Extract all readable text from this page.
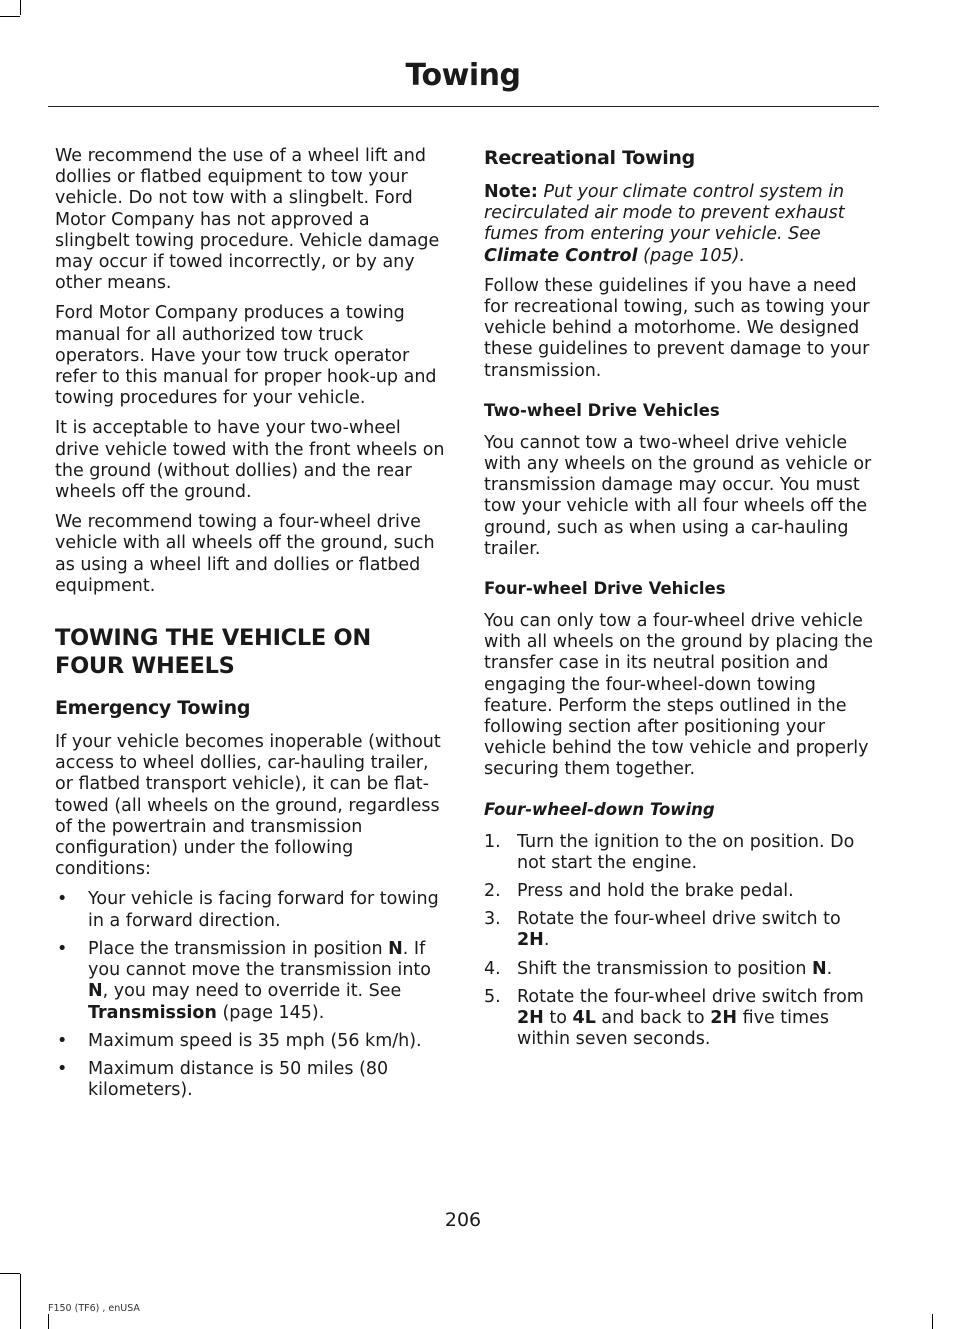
Towing

We recommend the use of a wheel lift and dollies or flatbed equipment to tow your vehicle. Do not tow with a slingbelt. Ford Motor Company has not approved a slingbelt towing procedure. Vehicle damage may occur if towed incorrectly, or by any other means.

Ford Motor Company produces a towing manual for all authorized tow truck operators. Have your tow truck operator refer to this manual for proper hook-up and towing procedures for your vehicle.

It is acceptable to have your two-wheel drive vehicle towed with the front wheels on the ground (without dollies) and the rear wheels off the ground.

We recommend towing a four-wheel drive vehicle with all wheels off the ground, such as using a wheel lift and dollies or flatbed equipment.

TOWING THE VEHICLE ON FOUR WHEELS
Emergency Towing

If your vehicle becomes inoperable (without access to wheel dollies, car-hauling trailer, or flatbed transport vehicle), it can be flat-towed (all wheels on the ground, regardless of the powertrain and transmission configuration) under the following conditions:

• Your vehicle is facing forward for towing in a forward direction.
• Place the transmission in position N. If you cannot move the transmission into N, you may need to override it. See Transmission (page 145).
• Maximum speed is 35 mph (56 km/h).
• Maximum distance is 50 miles (80 kilometers).
Recreational Towing

Note: Put your climate control system in recirculated air mode to prevent exhaust fumes from entering your vehicle. See Climate Control (page 105).

Follow these guidelines if you have a need for recreational towing, such as towing your vehicle behind a motorhome. We designed these guidelines to prevent damage to your transmission.

Two-wheel Drive Vehicles

You cannot tow a two-wheel drive vehicle with any wheels on the ground as vehicle or transmission damage may occur. You must tow your vehicle with all four wheels off the ground, such as when using a car-hauling trailer.

Four-wheel Drive Vehicles

You can only tow a four-wheel drive vehicle with all wheels on the ground by placing the transfer case in its neutral position and engaging the four-wheel-down towing feature. Perform the steps outlined in the following section after positioning your vehicle behind the tow vehicle and properly securing them together.

Four-wheel-down Towing
1. Turn the ignition to the on position. Do not start the engine.
2. Press and hold the brake pedal.
3. Rotate the four-wheel drive switch to 2H.
4. Shift the transmission to position N.
5. Rotate the four-wheel drive switch from 2H to 4L and back to 2H five times within seven seconds.
206
F150 (TF6) , enUSA
